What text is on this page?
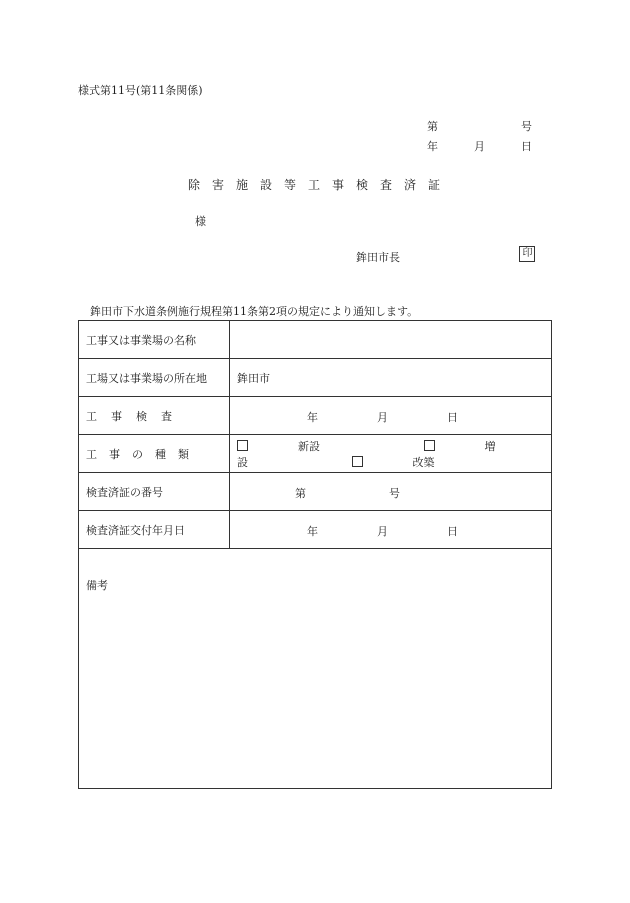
様式第11号(第11条関係)
第	号
年	月	日
除害施設等工事検査済証
様
鉾田市長	印
鉾田市下水道条例施行規程第11条第2項の規定により通知します。
工事又は事業場の名称	
工場又は事業場の所在地	鉾田市
工事検査	年 月 日

工事の種類	新設 増設 改築
検査済証の番号	第 号

検査済証交付年月日	年 月 日

備考	
